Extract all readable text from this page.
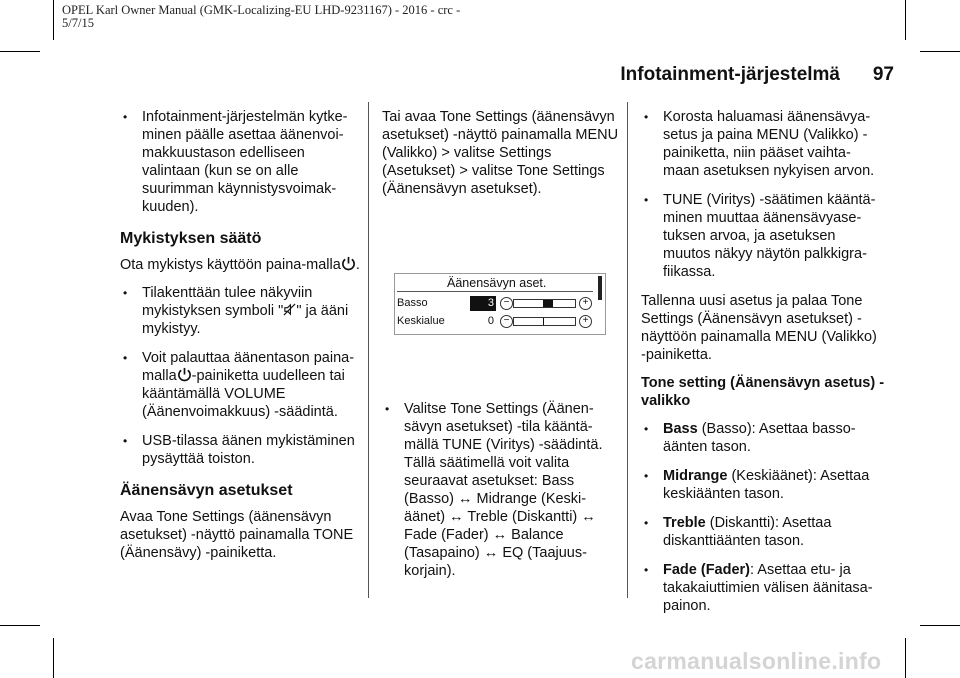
OPEL Karl Owner Manual (GMK-Localizing-EU LHD-9231167) - 2016 - crc -
5/7/15
Infotainment-järjestelmä 97
• Infotainment-järjestelmän kytke-minen päälle asettaa äänenvoi-makkuustason edelliseen valintaan (kun se on alle suurimman käynnistysvoimak-kuuden).
Mykistyksen säätö

Ota mykistys käyttöön paina-malla .

• Tilakenttään tulee näkyviin mykistyksen symboli " " ja ääni mykistyy.
• Voit palauttaa äänentason paina-malla -painiketta uudelleen tai kääntämällä VOLUME (Äänenvoimakkuus) -säädintä.
• USB-tilassa äänen mykistäminen pysäyttää toiston.
Äänensävyn asetukset

Avaa Tone Settings (äänensävyn asetukset) -näyttö painamalla TONE (Äänensävy) -painiketta.

Tai avaa Tone Settings (äänensävyn asetukset) -näyttö painamalla MENU (Valikko) > valitse Settings (Asetukset) > valitse Tone Settings (Äänensävyn asetukset).

Äänensävyn aset.
Basso	3 −	+
Keskialue	0 −	+
• Valitse Tone Settings (Äänen-sävyn asetukset) -tila kääntä-mällä TUNE (Viritys) -säädintä. Tällä säätimellä voit valita seuraavat asetukset: Bass (Basso) ↔ Midrange (Keski-äänet) ↔ Treble (Diskantti) ↔ Fade (Fader) ↔ Balance (Tasapaino) ↔ EQ (Taajuus-korjain).
• Korosta haluamasi äänensävya-setus ja paina MENU (Valikko) -painiketta, niin pääset vaihta-maan asetuksen nykyisen arvon.
• TUNE (Viritys) -säätimen kääntä-minen muuttaa äänensävyase-tuksen arvoa, ja asetuksen muutos näkyy näytön palkkigra-fiikassa.

Tallenna uusi asetus ja palaa Tone Settings (Äänensävyn asetukset) -näyttöön painamalla MENU (Valikko) -painiketta.

Tone setting (Äänensävyn asetus) -valikko

• Bass (Basso): Asettaa basso-äänten tason.
• Midrange (Keskiäänet): Asettaa keskiäänten tason.
• Treble (Diskantti): Asettaa diskanttiäänten tason.
• Fade (Fader): Asettaa etu- ja takakaiuttimien välisen äänitasa-painon.
carmanualsonline.info
